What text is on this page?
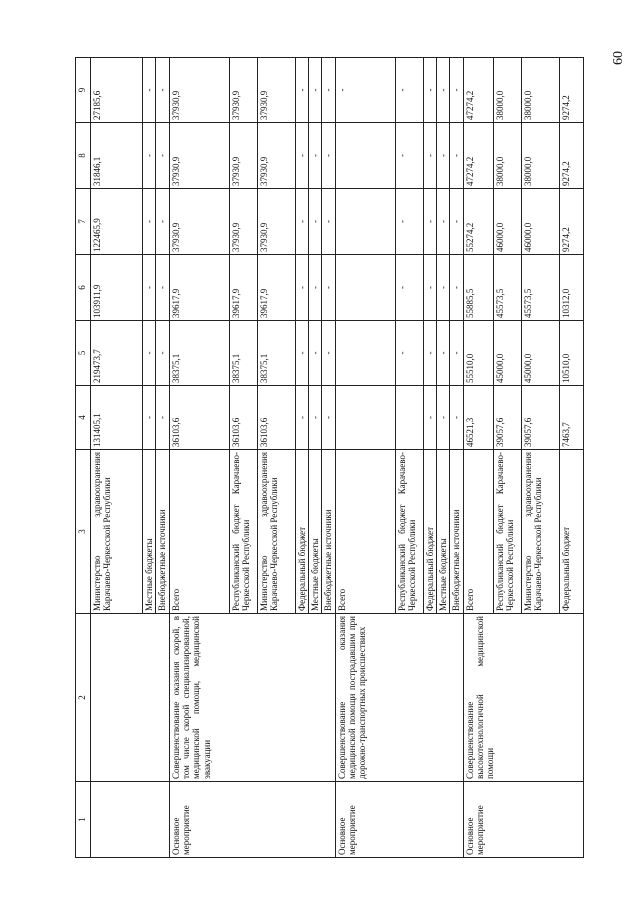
60
1	2	3	4	5	6	7	8	9
		Министерство здравоохранения Карачаево-Черкесской Республики	131405,1	219473,7	103911,9	122465,9	31846,1	27185,6
		Местные бюджеты	-	-	-	-	-	-
		Внебюджетные источники	-	-	-	-	-	-
Основное мероприятие	Совершенствование оказания скорой, в том числе скорой специализированной, медицинской помощи, медицинской эвакуации	Всего	36103,6	38375,1	39617,9	37930,9	37930,9	37930,9
		Республиканский бюджет Карачаево-Черкесской Республики	36103,6	38375,1	39617,9	37930,9	37930,9	37930,9
		Министерство здравоохранения Карачаево-Черкесской Республики	36103,6	38375,1	39617,9	37930,9	37930,9	37930,9
		Федеральный бюджет	-	-	-	-	-	-
		Местные бюджеты	-	-	-	-	-	-
		Внебюджетные источники	-	-	-	-	-	-
Основное мероприятие	Совершенствование оказания медицинской помощи пострадавшим при дорожно-транспортных происшествиях	Всего						-
		Республиканский бюджет Карачаево-Черкесской Республики		-	-	-	-	-
		Федеральный бюджет	-	-	-	-	-	-
		Местные бюджеты	-	-	-	-	-	-
		Внебюджетные источники	-	-	-	-	-	-
Основное мероприятие	Совершенствование высокотехнологичной медицинской помощи	Всего	46521,3	55510,0	55885,5	55274,2	47274,2	47274,2
		Республиканский бюджет Карачаево-Черкесской Республики	39057,6	45000,0	45573,5	46000,0	38000,0	38000,0
		Министерство здравоохранения Карачаево-Черкесской Республики	39057,6	45000,0	45573,5	46000,0	38000,0	38000,0
		Федеральный бюджет	7463,7	10510,0	10312,0	9274,2	9274,2	9274,2
